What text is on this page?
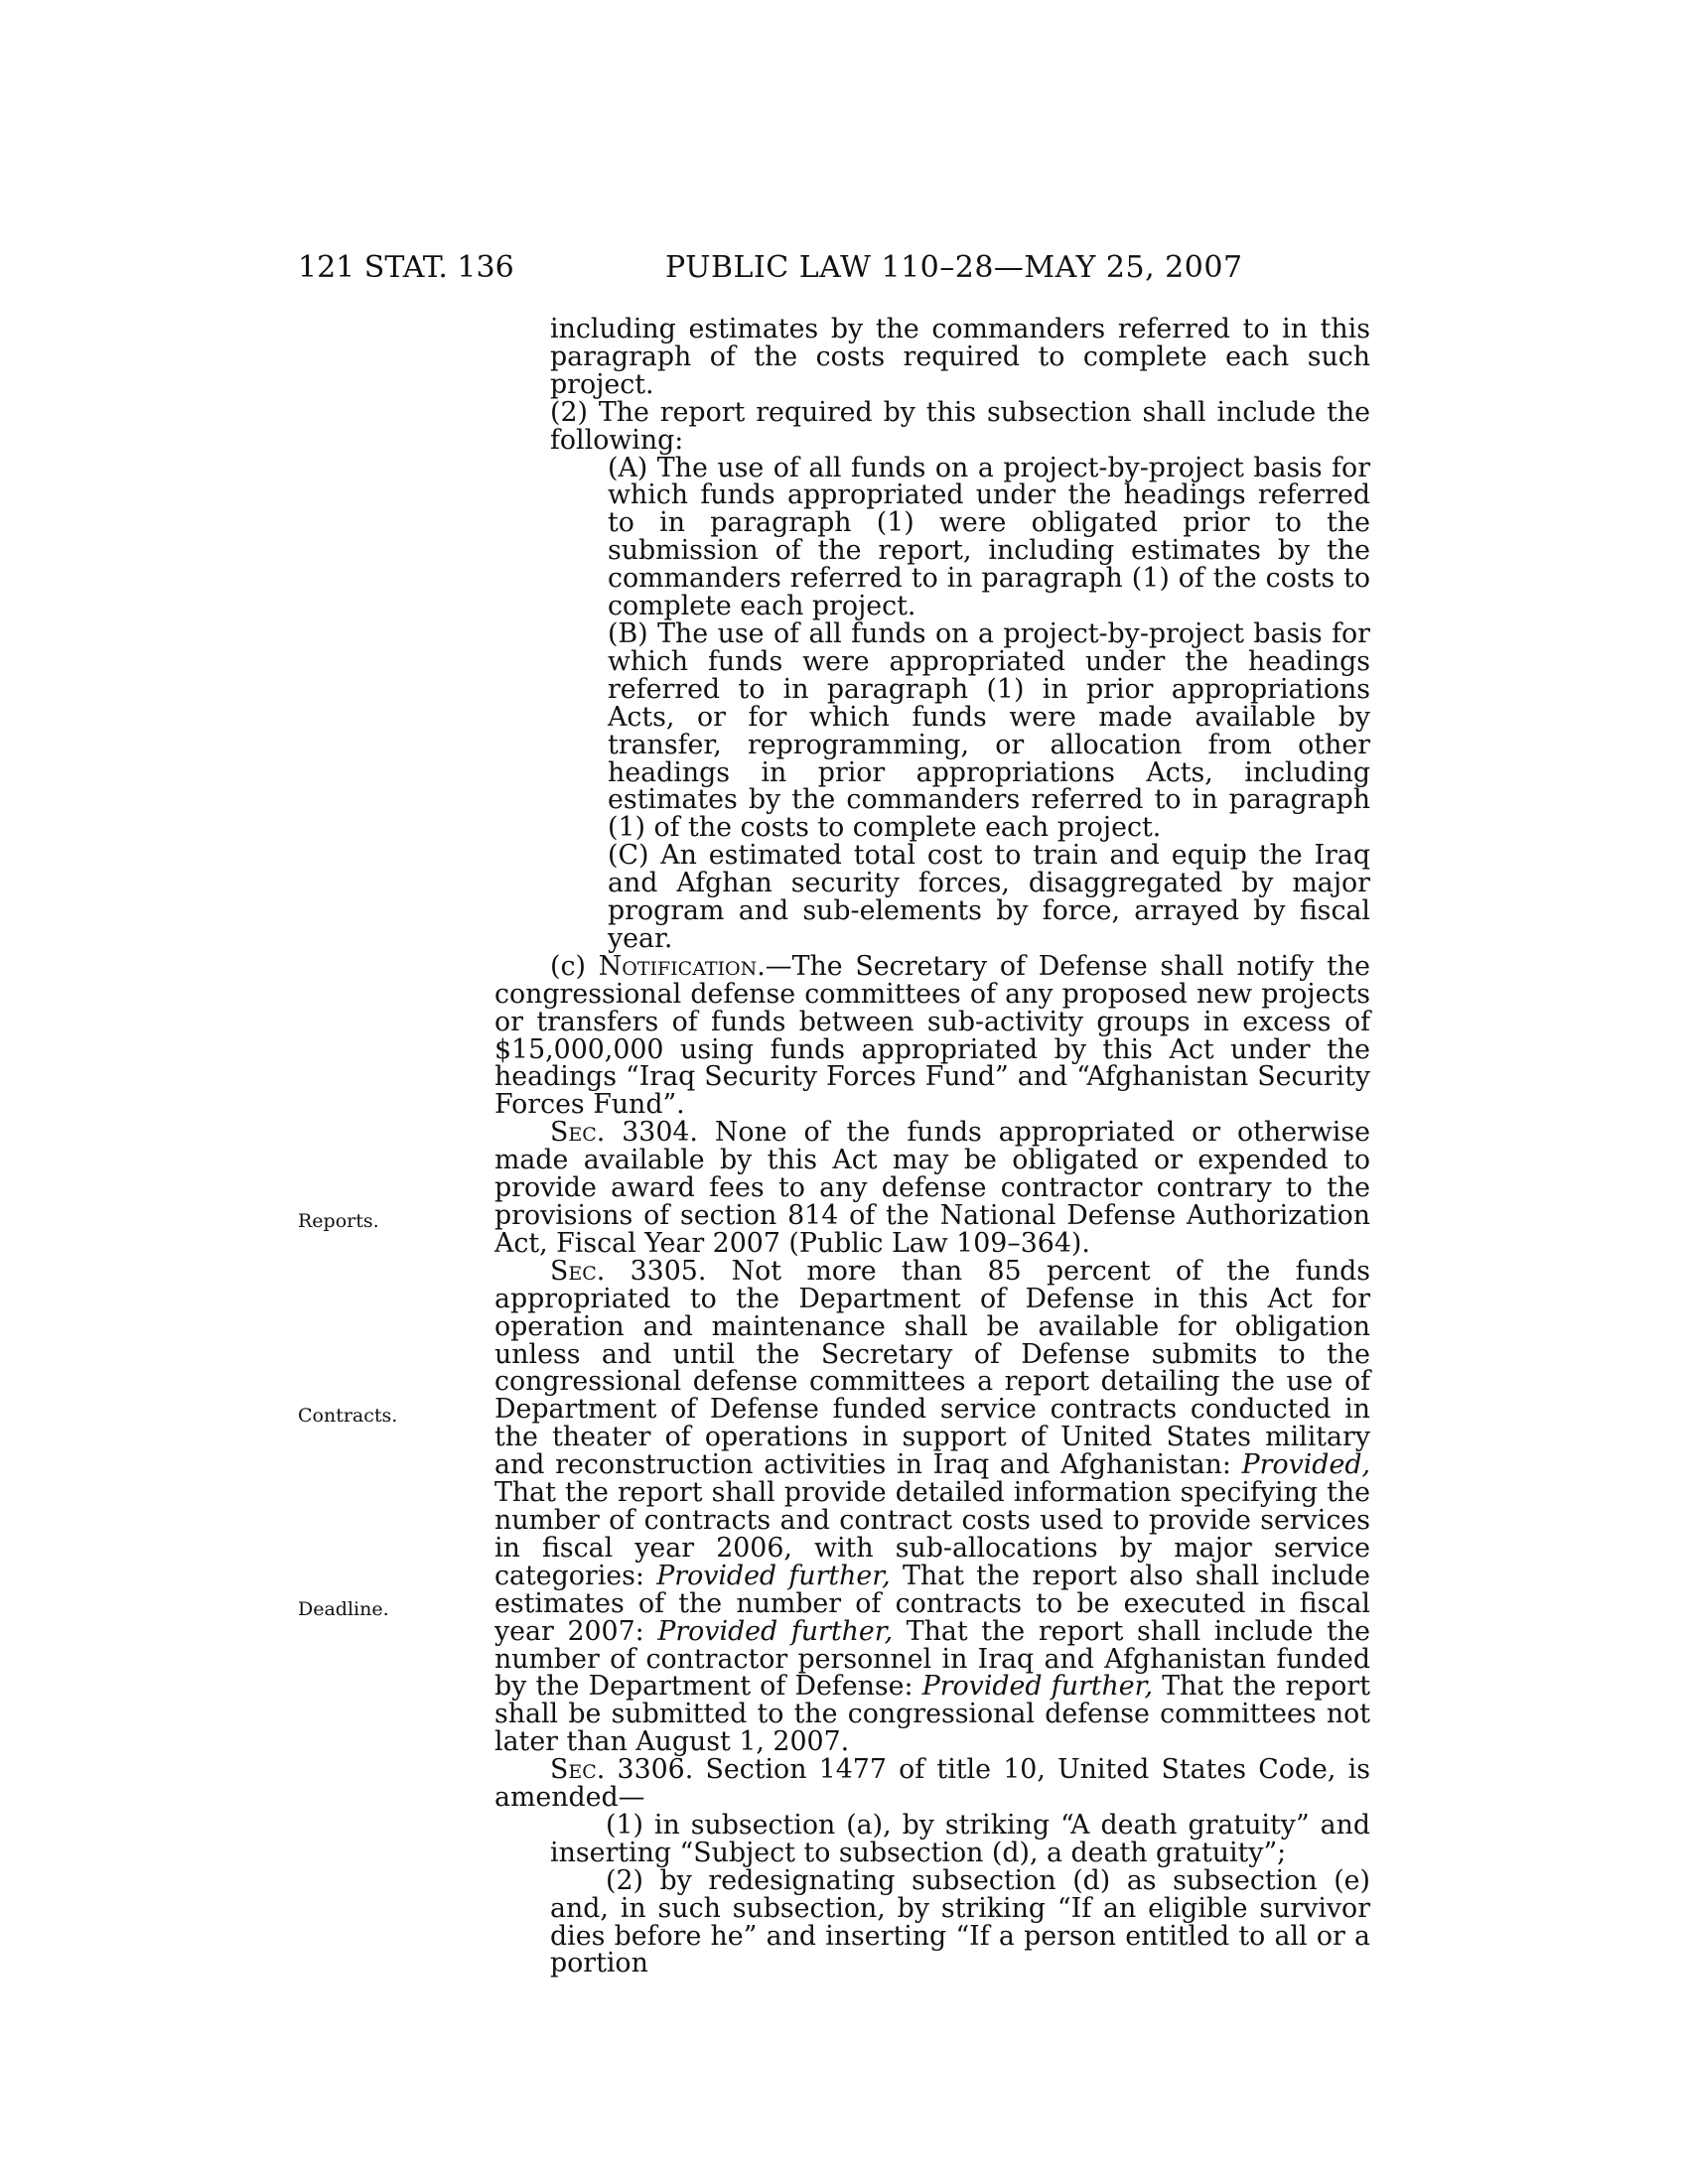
121 STAT. 136	PUBLIC LAW 110–28—MAY 25, 2007
Reports.
Contracts.
Deadline.

including estimates by the commanders referred to in this paragraph of the costs required to complete each such project.

(2) The report required by this subsection shall include the following:

(A) The use of all funds on a project-by-project basis for which funds appropriated under the headings referred to in paragraph (1) were obligated prior to the submission of the report, including estimates by the commanders referred to in paragraph (1) of the costs to complete each project.

(B) The use of all funds on a project-by-project basis for which funds were appropriated under the headings referred to in paragraph (1) in prior appropriations Acts, or for which funds were made available by transfer, reprogramming, or allocation from other headings in prior appropriations Acts, including estimates by the commanders referred to in paragraph (1) of the costs to complete each project.

(C) An estimated total cost to train and equip the Iraq and Afghan security forces, disaggregated by major program and sub-elements by force, arrayed by fiscal year.

(c) Notification.—The Secretary of Defense shall notify the congressional defense committees of any proposed new projects or transfers of funds between sub-activity groups in excess of $15,000,000 using funds appropriated by this Act under the headings “Iraq Security Forces Fund” and “Afghanistan Security Forces Fund”.

Sec. 3304. None of the funds appropriated or otherwise made available by this Act may be obligated or expended to provide award fees to any defense contractor contrary to the provisions of section 814 of the National Defense Authorization Act, Fiscal Year 2007 (Public Law 109–364).

Sec. 3305. Not more than 85 percent of the funds appropriated to the Department of Defense in this Act for operation and maintenance shall be available for obligation unless and until the Secretary of Defense submits to the congressional defense committees a report detailing the use of Department of Defense funded service contracts conducted in the theater of operations in support of United States military and reconstruction activities in Iraq and Afghanistan: Provided, That the report shall provide detailed information specifying the number of contracts and contract costs used to provide services in fiscal year 2006, with sub-allocations by major service categories: Provided further, That the report also shall include estimates of the number of contracts to be executed in fiscal year 2007: Provided further, That the report shall include the number of contractor personnel in Iraq and Afghanistan funded by the Department of Defense: Provided further, That the report shall be submitted to the congressional defense committees not later than August 1, 2007.

Sec. 3306. Section 1477 of title 10, United States Code, is amended—

(1) in subsection (a), by striking “A death gratuity” and inserting “Subject to subsection (d), a death gratuity”;

(2) by redesignating subsection (d) as subsection (e) and, in such subsection, by striking “If an eligible survivor dies before he” and inserting “If a person entitled to all or a portion
